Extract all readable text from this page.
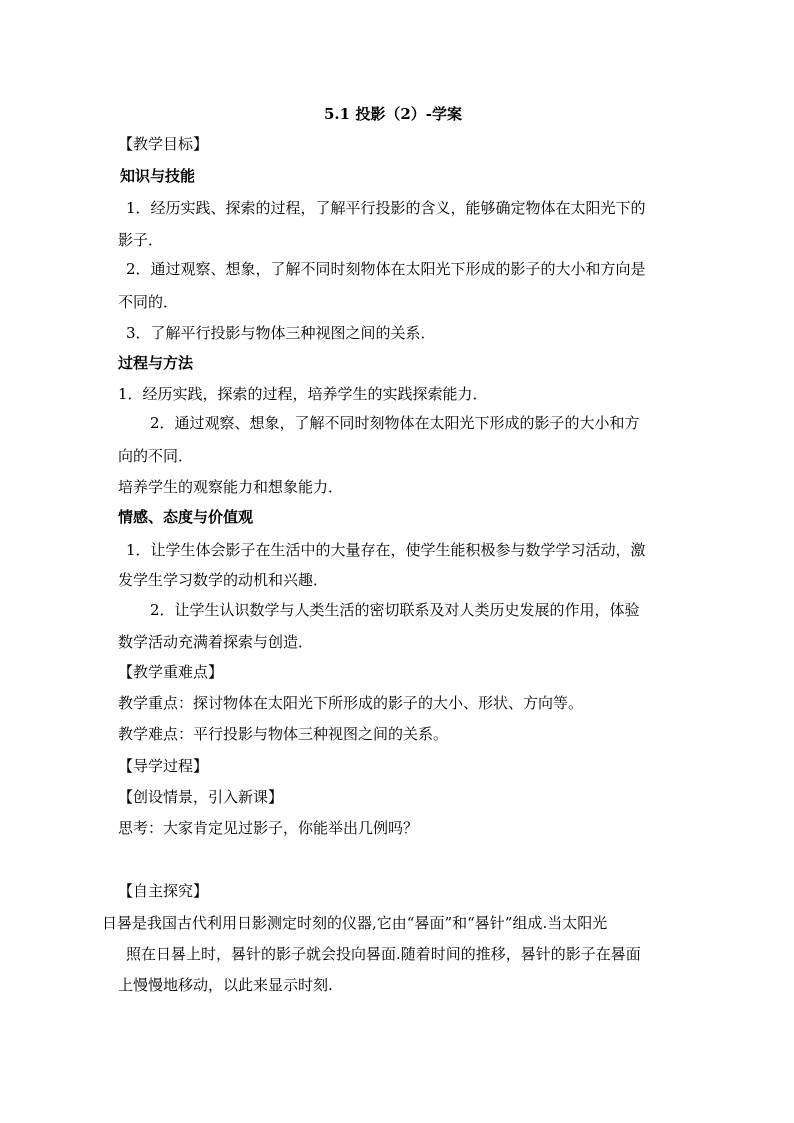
5.1 投影（2）-学案
【教学目标】
知识与技能
1．经历实践、探索的过程，了解平行投影的含义，能够确定物体在太阳光下的
影子．
2．通过观察、想象，了解不同时刻物体在太阳光下形成的影子的大小和方向是
不同的．
3．了解平行投影与物体三种视图之间的关系．
过程与方法
1．经历实践，探索的过程，培养学生的实践探索能力．
2．通过观察、想象，了解不同时刻物体在太阳光下形成的影子的大小和方
向的不同．
培养学生的观察能力和想象能力．
情感、态度与价值观
1．让学生体会影子在生活中的大量存在，使学生能积极参与数学学习活动，激
发学生学习数学的动机和兴趣．
2．让学生认识数学与人类生活的密切联系及对人类历史发展的作用，体验
数学活动充满着探索与创造．
【教学重难点】
教学重点：探讨物体在太阳光下所形成的影子的大小、形状、方向等。
教学难点：平行投影与物体三种视图之间的关系。
【导学过程】
【创设情景，引入新课】
思考：大家肯定见过影子，你能举出几例吗？
【自主探究】
日晷是我国古代利用日影测定时刻的仪器,它由“晷面”和“晷针”组成.当太阳光
照在日晷上时，晷针的影子就会投向晷面.随着时间的推移，晷针的影子在晷面
上慢慢地移动，以此来显示时刻.
